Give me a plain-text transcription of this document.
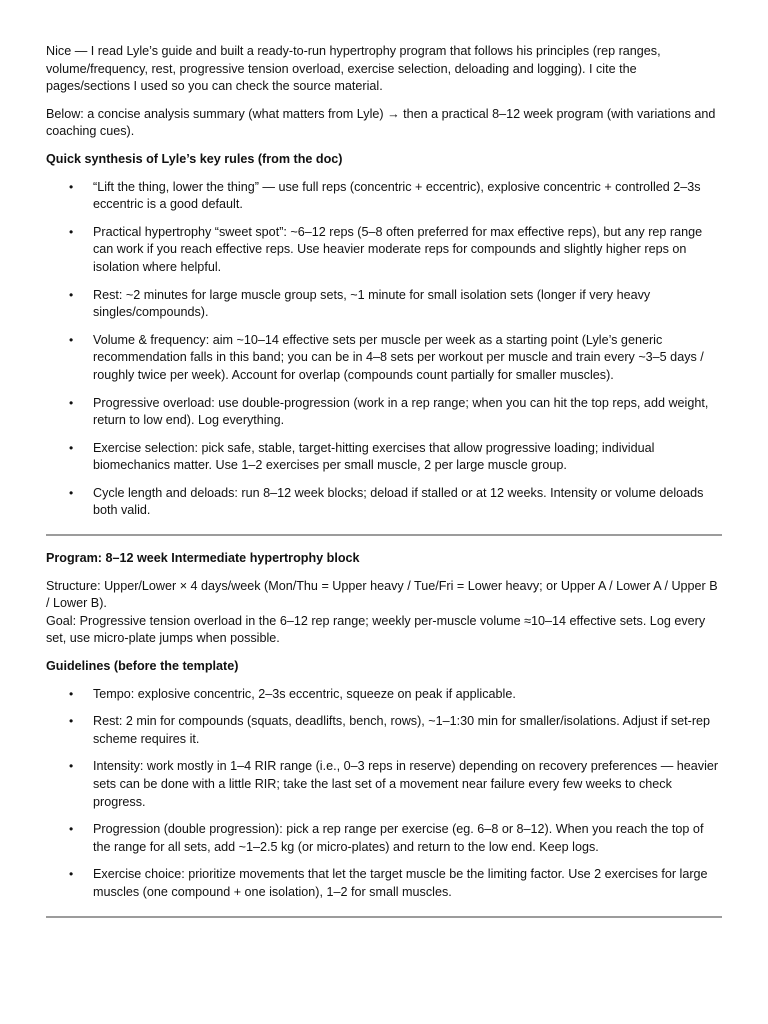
Nice — I read Lyle’s guide and built a ready-to-run hypertrophy program that follows his principles (rep ranges, volume/frequency, rest, progressive tension overload, exercise selection, deloading and logging). I cite the pages/sections I used so you can check the source material.

Below: a concise analysis summary (what matters from Lyle) → then a practical 8–12 week program (with variations and coaching cues).

Quick synthesis of Lyle’s key rules (from the doc)
• “Lift the thing, lower the thing” — use full reps (concentric + eccentric), explosive concentric + controlled 2–3s eccentric is a good default.
• Practical hypertrophy “sweet spot”: ~6–12 reps (5–8 often preferred for max effective reps), but any rep range can work if you reach effective reps. Use heavier moderate reps for compounds and slightly higher reps on isolation where helpful.
• Rest: ~2 minutes for large muscle group sets, ~1 minute for small isolation sets (longer if very heavy singles/compounds).
• Volume & frequency: aim ~10–14 effective sets per muscle per week as a starting point (Lyle’s generic recommendation falls in this band; you can be in 4–8 sets per workout per muscle and train every ~3–5 days / roughly twice per week). Account for overlap (compounds count partially for smaller muscles).
• Progressive overload: use double-progression (work in a rep range; when you can hit the top reps, add weight, return to low end). Log everything.
• Exercise selection: pick safe, stable, target-hitting exercises that allow progressive loading; individual biomechanics matter. Use 1–2 exercises per small muscle, 2 per large muscle group.
• Cycle length and deloads: run 8–12 week blocks; deload if stalled or at 12 weeks. Intensity or volume deloads both valid.
Program: 8–12 week Intermediate hypertrophy block
Structure: Upper/Lower × 4 days/week (Mon/Thu = Upper heavy / Tue/Fri = Lower heavy; or Upper A / Lower A / Upper B / Lower B).
Goal: Progressive tension overload in the 6–12 rep range; weekly per-muscle volume ≈10–14 effective sets. Log every set, use micro-plate jumps when possible.
Guidelines (before the template)
• Tempo: explosive concentric, 2–3s eccentric, squeeze on peak if applicable.
• Rest: 2 min for compounds (squats, deadlifts, bench, rows), ~1–1:30 min for smaller/isolations. Adjust if set-rep scheme requires it.
• Intensity: work mostly in 1–4 RIR range (i.e., 0–3 reps in reserve) depending on recovery preferences — heavier sets can be done with a little RIR; take the last set of a movement near failure every few weeks to check progress.
• Progression (double progression): pick a rep range per exercise (eg. 6–8 or 8–12). When you reach the top of the range for all sets, add ~1–2.5 kg (or micro-plates) and return to the low end. Keep logs.
• Exercise choice: prioritize movements that let the target muscle be the limiting factor. Use 2 exercises for large muscles (one compound + one isolation), 1–2 for small muscles.
